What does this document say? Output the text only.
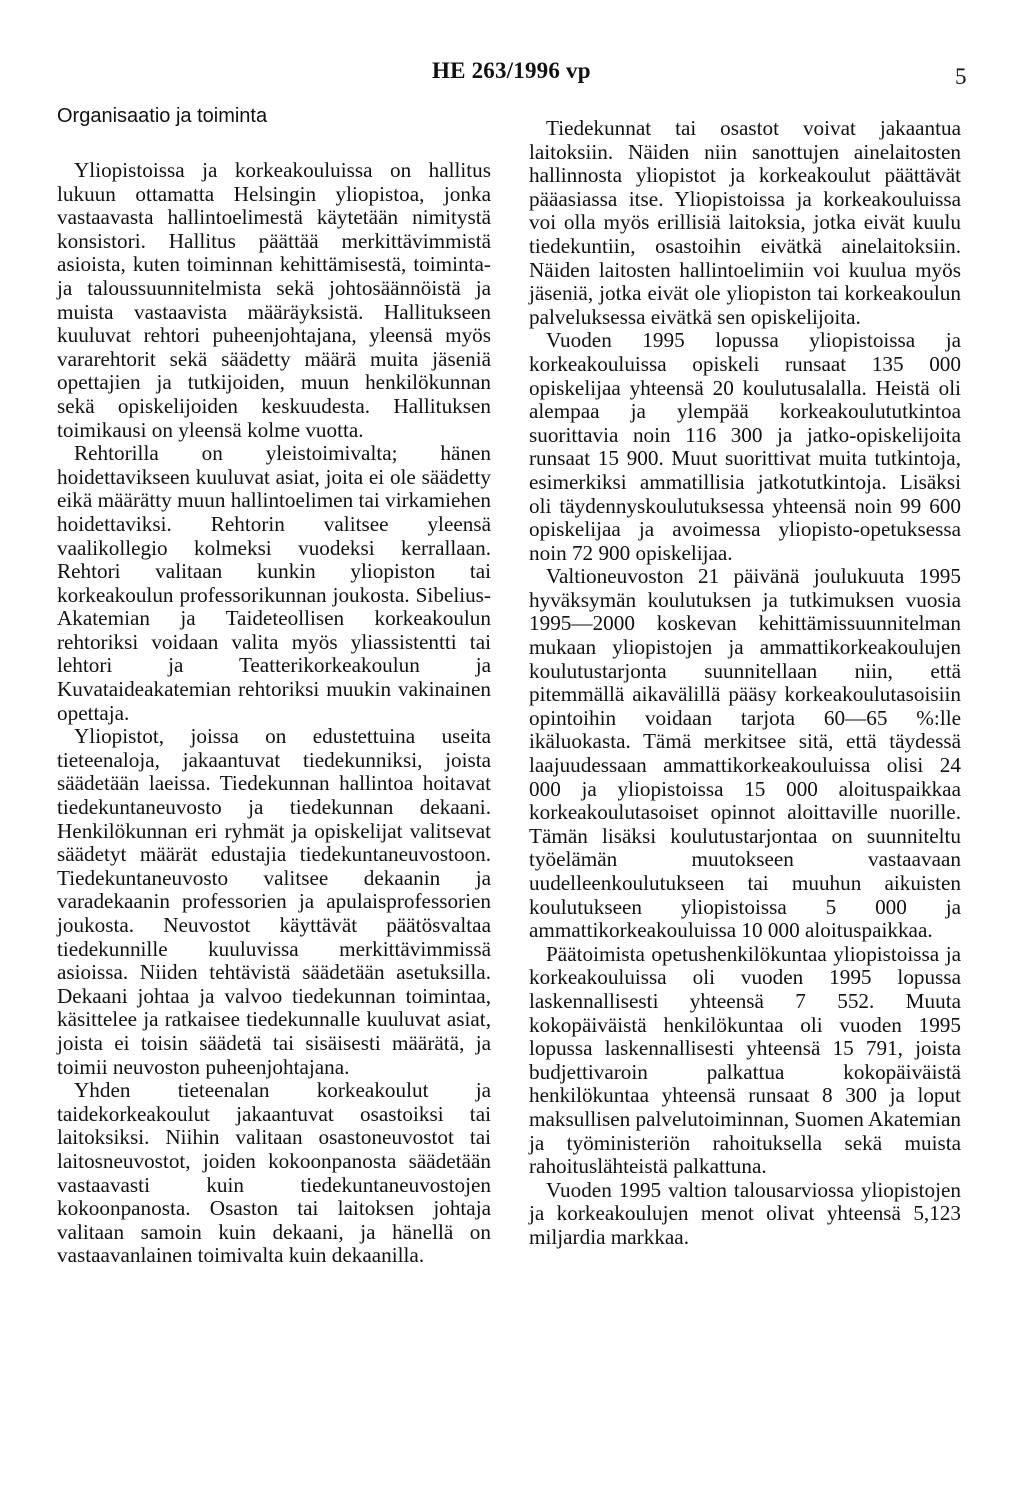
HE 263/1996 vp	5
Organisaatio ja toiminta

Yliopistoissa ja korkeakouluissa on hallitus lukuun ottamatta Helsingin yliopistoa, jonka vastaavasta hallintoelimestä käytetään nimitystä konsistori. Hallitus päättää merkittävimmistä asioista, kuten toiminnan kehittämisestä, toiminta- ja taloussuunnitelmista sekä johtosäännöistä ja muista vastaavista määräyksistä. Hallitukseen kuuluvat rehtori puheenjohtajana, yleensä myös vararehtorit sekä säädetty määrä muita jäseniä opettajien ja tutkijoiden, muun henkilökunnan sekä opiskelijoiden keskuudesta. Hallituksen toimikausi on yleensä kolme vuotta.

Rehtorilla on yleistoimivalta; hänen hoidettavikseen kuuluvat asiat, joita ei ole säädetty eikä määrätty muun hallintoelimen tai virkamiehen hoidettaviksi. Rehtorin valitsee yleensä vaalikollegio kolmeksi vuodeksi kerrallaan. Rehtori valitaan kunkin yliopiston tai korkeakoulun professorikunnan joukosta. Sibelius-Akatemian ja Taideteollisen korkeakoulun rehtoriksi voidaan valita myös yliassistentti tai lehtori ja Teatterikorkeakoulun ja Kuvataideakatemian rehtoriksi muukin vakinainen opettaja.

Yliopistot, joissa on edustettuina useita tieteenaloja, jakaantuvat tiedekunniksi, joista säädetään laeissa. Tiedekunnan hallintoa hoitavat tiedekuntaneuvosto ja tiedekunnan dekaani. Henkilökunnan eri ryhmät ja opiskelijat valitsevat säädetyt määrät edustajia tiedekuntaneuvostoon. Tiedekuntaneuvosto valitsee dekaanin ja varadekaanin professorien ja apulaisprofessorien joukosta. Neuvostot käyttävät päätösvaltaa tiedekunnille kuuluvissa merkittävimmissä asioissa. Niiden tehtävistä säädetään asetuksilla. Dekaani johtaa ja valvoo tiedekunnan toimintaa, käsittelee ja ratkaisee tiedekunnalle kuuluvat asiat, joista ei toisin säädetä tai sisäisesti määrätä, ja toimii neuvoston puheenjohtajana.

Yhden tieteenalan korkeakoulut ja taidekorkeakoulut jakaantuvat osastoiksi tai laitoksiksi. Niihin valitaan osastoneuvostot tai laitosneuvostot, joiden kokoonpanosta säädetään vastaavasti kuin tiedekuntaneuvostojen kokoonpanosta. Osaston tai laitoksen johtaja valitaan samoin kuin dekaani, ja hänellä on vastaavanlainen toimivalta kuin dekaanilla.

Tiedekunnat tai osastot voivat jakaantua laitoksiin. Näiden niin sanottujen ainelaitosten hallinnosta yliopistot ja korkeakoulut päättävät pääasiassa itse. Yliopistoissa ja korkeakouluissa voi olla myös erillisiä laitoksia, jotka eivät kuulu tiedekuntiin, osastoihin eivätkä ainelaitoksiin. Näiden laitosten hallintoelimiin voi kuulua myös jäseniä, jotka eivät ole yliopiston tai korkeakoulun palveluksessa eivätkä sen opiskelijoita.

Vuoden 1995 lopussa yliopistoissa ja korkeakouluissa opiskeli runsaat 135 000 opiskelijaa yhteensä 20 koulutusalalla. Heistä oli alempaa ja ylempää korkeakoulututkintoa suorittavia noin 116 300 ja jatko-opiskelijoita runsaat 15 900. Muut suorittivat muita tutkintoja, esimerkiksi ammatillisia jatkotutkintoja. Lisäksi oli täydennyskoulutuksessa yhteensä noin 99 600 opiskelijaa ja avoimessa yliopisto-opetuksessa noin 72 900 opiskelijaa.

Valtioneuvoston 21 päivänä joulukuuta 1995 hyväksymän koulutuksen ja tutkimuksen vuosia 1995—2000 koskevan kehittämissuunnitelman mukaan yliopistojen ja ammattikorkeakoulujen koulutustarjonta suunnitellaan niin, että pitemmällä aikavälillä pääsy korkeakoulutasoisiin opintoihin voidaan tarjota 60—65 %:lle ikäluokasta. Tämä merkitsee sitä, että täydessä laajuudessaan ammattikorkeakouluissa olisi 24 000 ja yliopistoissa 15 000 aloituspaikkaa korkeakoulutasoiset opinnot aloittaville nuorille. Tämän lisäksi koulutustarjontaa on suunniteltu työelämän muutokseen vastaavaan uudelleenkoulutukseen tai muuhun aikuisten koulutukseen yliopistoissa 5 000 ja ammattikorkeakouluissa 10 000 aloituspaikkaa.

Päätoimista opetushenkilökuntaa yliopistoissa ja korkeakouluissa oli vuoden 1995 lopussa laskennallisesti yhteensä 7 552. Muuta kokopäiväistä henkilökuntaa oli vuoden 1995 lopussa laskennallisesti yhteensä 15 791, joista budjettivaroin palkattua kokopäiväistä henkilökuntaa yhteensä runsaat 8 300 ja loput maksullisen palvelutoiminnan, Suomen Akatemian ja työministeriön rahoituksella sekä muista rahoituslähteistä palkattuna.

Vuoden 1995 valtion talousarviossa yliopistojen ja korkeakoulujen menot olivat yhteensä 5,123 miljardia markkaa.
